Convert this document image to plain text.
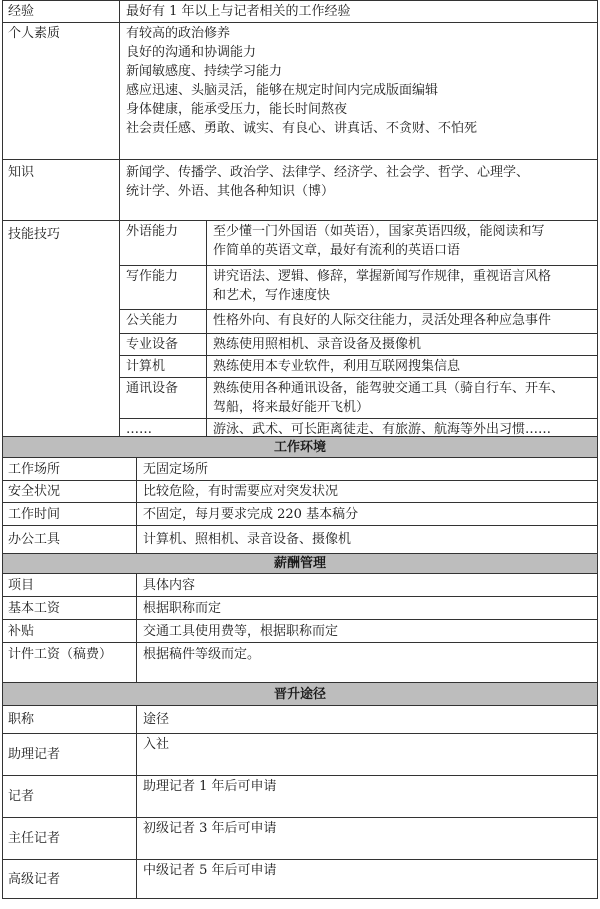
经验	最好有 1 年以上与记者相关的工作经验
个人素质	有较高的政治修养
良好的沟通和协调能力
新闻敏感度、持续学习能力
感应迅速、头脑灵活，能够在规定时间内完成版面编辑
身体健康，能承受压力，能长时间熬夜
社会责任感、勇敢、诚实、有良心、讲真话、不贪财、不怕死

知识	新闻学、传播学、政治学、法律学、经济学、社会学、哲学、心理学、
统计学、外语、其他各种知识（博）

技能技巧		外语能力	至少懂一门外国语（如英语），国家英语四级，能阅读和写
作简单的英语文章，最好有流利的英语口语

写作能力	讲究语法、逻辑、修辞，掌握新闻写作规律，重视语言风格
和艺术，写作速度快

公关能力	性格外向、有良好的人际交往能力，灵活处理各种应急事件

专业设备	熟练使用照相机、录音设备及摄像机

计算机	熟练使用本专业软件，利用互联网搜集信息

通讯设备	熟练使用各种通讯设备，能驾驶交通工具（骑自行车、开车、
驾船，将来最好能开飞机）

……	游泳、武术、可长距离徒走、有旅游、航海等外出习惯……
工作环境	
工作场所	无固定场所
安全状况	比较危险，有时需要应对突发状况
工作时间	不固定，每月要求完成 220 基本稿分
办公工具	计算机、照相机、录音设备、摄像机
薪酬管理	
项目	具体内容
基本工资	根据职称而定
补贴	交通工具使用费等，根据职称而定
计件工资（稿费）	根据稿件等级而定。
晋升途径	
职称	途径
助理记者	入社
记者	助理记者 1 年后可申请
主任记者	初级记者 3 年后可申请
高级记者	中级记者 5 年后可申请
